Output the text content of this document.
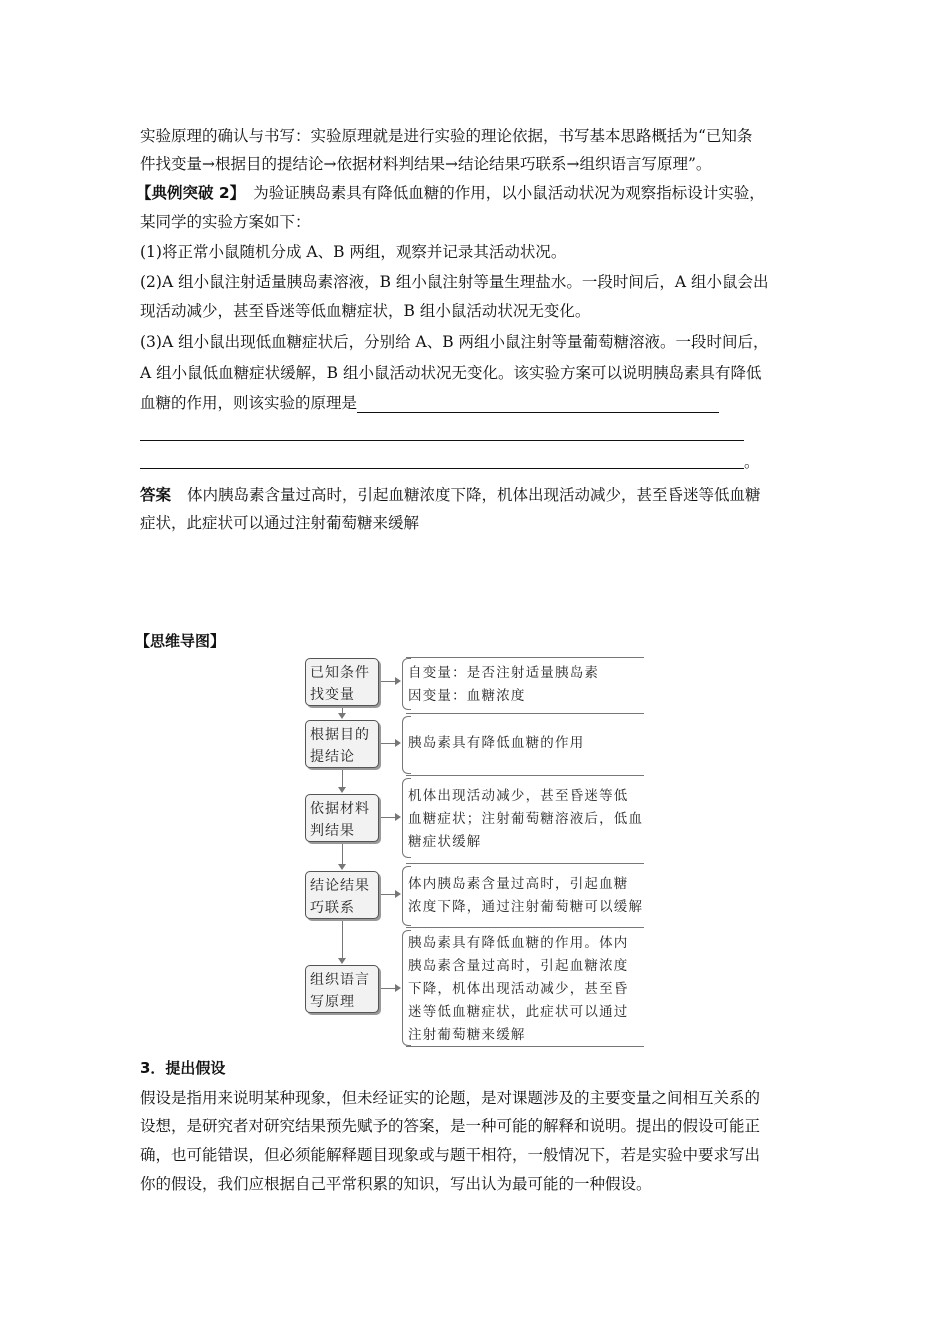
实验原理的确认与书写：实验原理就是进行实验的理论依据，书写基本思路概括为“已知条
件找变量→根据目的提结论→依据材料判结果→结论结果巧联系→组织语言写原理”。
【典例突破 2】 为验证胰岛素具有降低血糖的作用，以小鼠活动状况为观察指标设计实验，
某同学的实验方案如下：
(1)将正常小鼠随机分成 A、B 两组，观察并记录其活动状况。
(2)A 组小鼠注射适量胰岛素溶液，B 组小鼠注射等量生理盐水。一段时间后，A 组小鼠会出
现活动减少，甚至昏迷等低血糖症状，B 组小鼠活动状况无变化。
(3)A 组小鼠出现低血糖症状后，分别给 A、B 两组小鼠注射等量葡萄糖溶液。一段时间后，
A 组小鼠低血糖症状缓解，B 组小鼠活动状况无变化。该实验方案可以说明胰岛素具有降低
血糖的作用，则该实验的原理是
。
答案 体内胰岛素含量过高时，引起血糖浓度下降，机体出现活动减少，甚至昏迷等低血糖
症状，此症状可以通过注射葡萄糖来缓解
【思维导图】
已知条件
找变量
根据目的
提结论
依据材料
判结果
结论结果
巧联系
组织语言
写原理
自变量：是否注射适量胰岛素
因变量：血糖浓度
胰岛素具有降低血糖的作用
机体出现活动减少，甚至昏迷等低
血糖症状；注射葡萄糖溶液后，低血
糖症状缓解
体内胰岛素含量过高时，引起血糖
浓度下降，通过注射葡萄糖可以缓解
胰岛素具有降低血糖的作用。体内
胰岛素含量过高时，引起血糖浓度
下降，机体出现活动减少，甚至昏
迷等低血糖症状，此症状可以通过
注射葡萄糖来缓解
3．提出假设
假设是指用来说明某种现象，但未经证实的论题，是对课题涉及的主要变量之间相互关系的
设想，是研究者对研究结果预先赋予的答案，是一种可能的解释和说明。提出的假设可能正
确，也可能错误，但必须能解释题目现象或与题干相符，一般情况下，若是实验中要求写出
你的假设，我们应根据自己平常积累的知识，写出认为最可能的一种假设。
